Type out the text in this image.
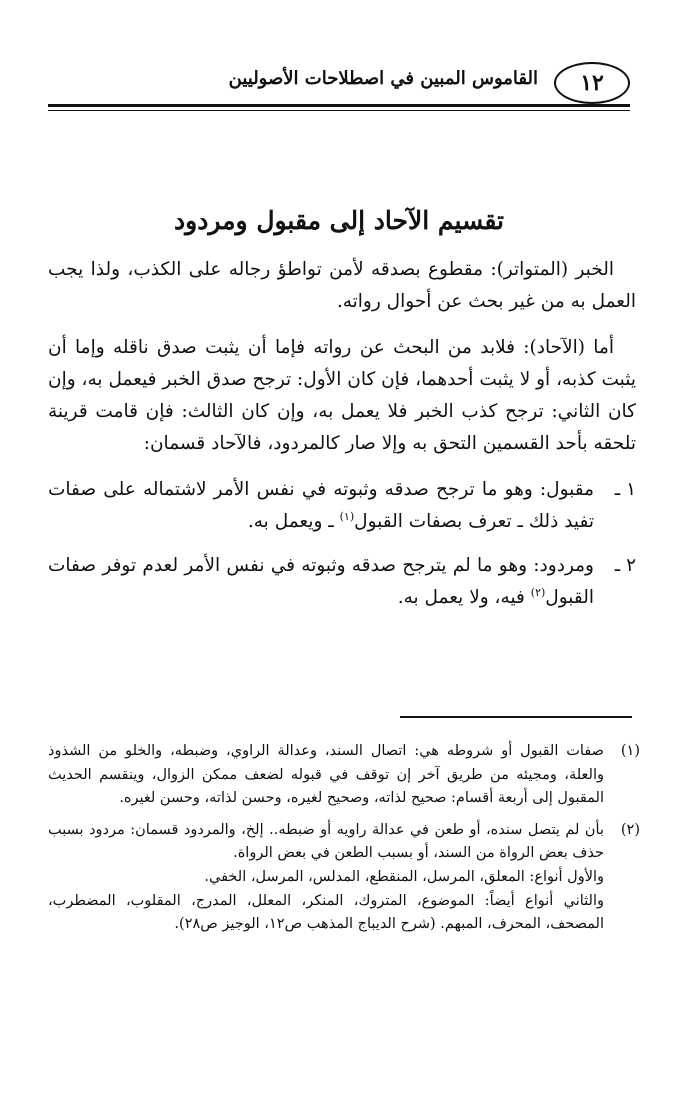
١٢
القاموس المبين في اصطلاحات الأصوليين
تقسيم الآحاد إلى مقبول ومردود

الخبر (المتواتر): مقطوع بصدقه لأمن تواطؤ رجاله على الكذب، ولذا يجب العمل به من غير بحث عن أحوال رواته.

أما (الآحاد): فلابد من البحث عن رواته فإما أن يثبت صدق ناقله وإما أن يثبت كذبه، أو لا يثبت أحدهما، فإن كان الأول: ترجح صدق الخبر فيعمل به، وإن كان الثاني: ترجح كذب الخبر فلا يعمل به، وإن كان الثالث: فإن قامت قرينة تلحقه بأحد القسمين التحق به وإلا صار كالمردود، فالآحاد قسمان:

١ ـ
مقبول: وهو ما ترجح صدقه وثبوته في نفس الأمر لاشتماله على صفات تفيد ذلك ـ تعرف بصفات القبول$^{(١)}$ ـ ويعمل به.
٢ ـ
ومردود: وهو ما لم يترجح صدقه وثبوته في نفس الأمر لعدم توفر صفات القبول$^{(٢)}$ فيه، ولا يعمل به.
(١)
صفات القبول أو شروطه هي: اتصال السند، وعدالة الراوي، وضبطه، والخلو من الشذوذ والعلة، ومجيئه من طريق آخر إن توقف في قبوله لضعف ممكن الزوال، وينقسم الحديث المقبول إلى أربعة أقسام: صحيح لذاته، وصحيح لغيره، وحسن لذاته، وحسن لغيره.
(٢)
بأن لم يتصل سنده، أو طعن في عدالة راويه أو ضبطه.. إلخ، والمردود قسمان: مردود بسبب حذف بعض الرواة من السند، أو بسبب الطعن في بعض الرواة.
والأول أنواع: المعلق، المرسل، المنقطع، المدلس، المرسل، الخفي.
والثاني أنواع أيضاً: الموضوع، المتروك، المنكر، المعلل، المدرج، المقلوب، المضطرب، المصحف، المحرف، المبهم. (شرح الديباج المذهب ص١٢، الوجيز ص٢٨).
